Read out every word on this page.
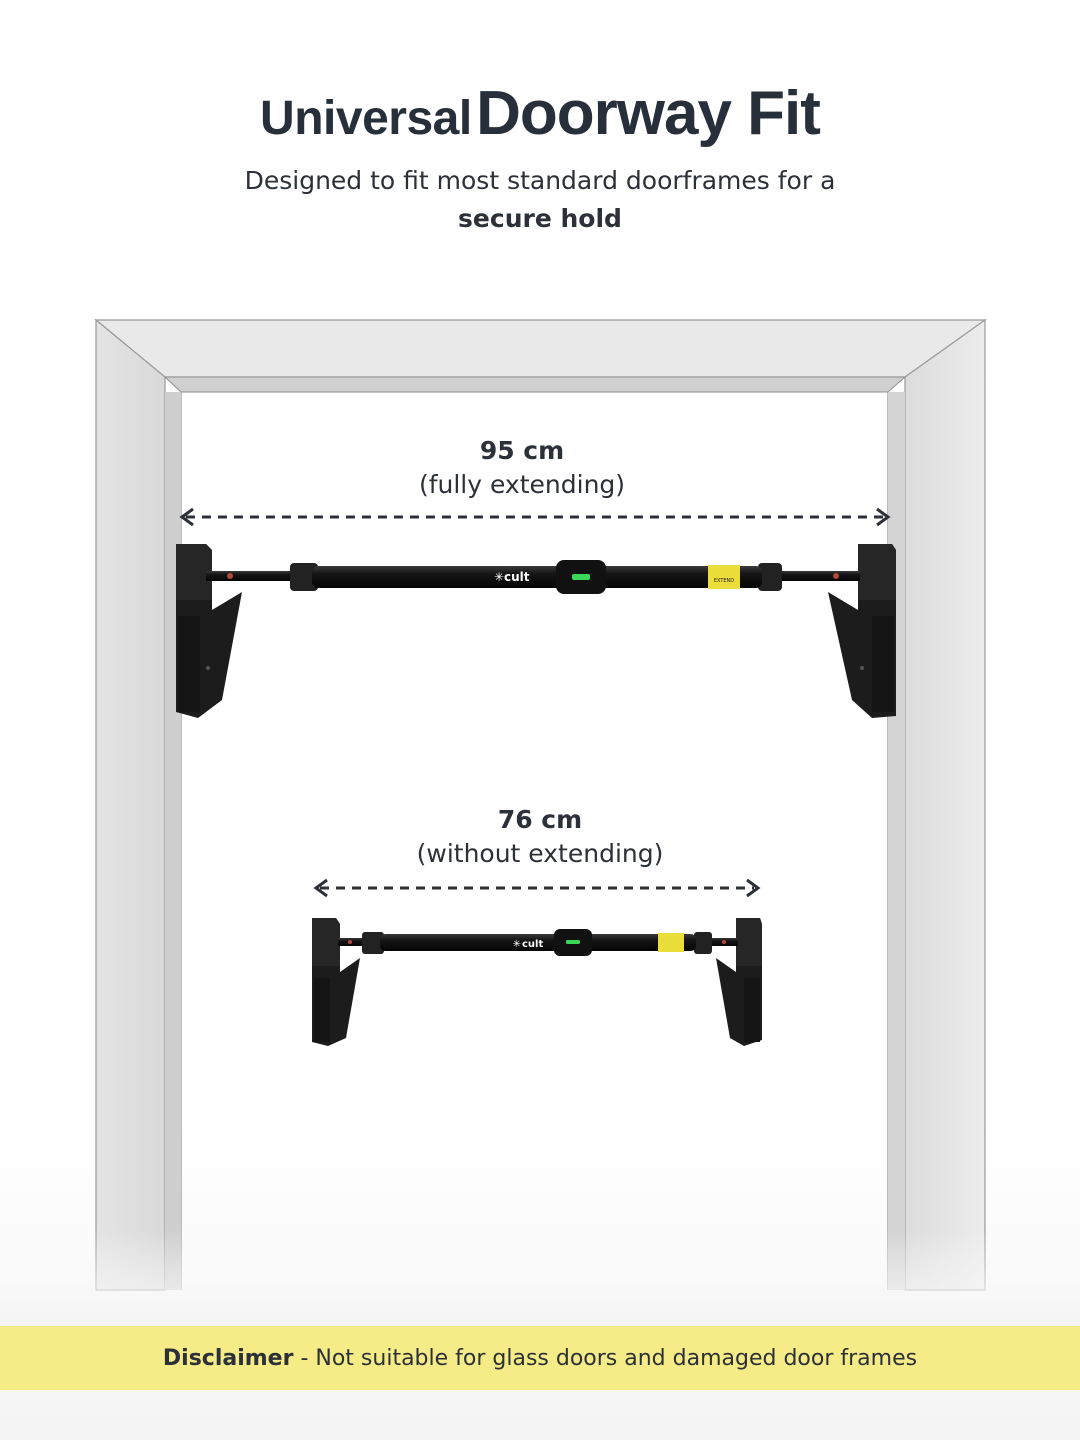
Universal Doorway Fit
Designed to fit most standard doorframes for a
secure hold
EXTEND
cult
✳
cult
✳
95 cm
(fully extending)
76 cm
(without extending)
Disclaimer - Not suitable for glass doors and damaged door frames
